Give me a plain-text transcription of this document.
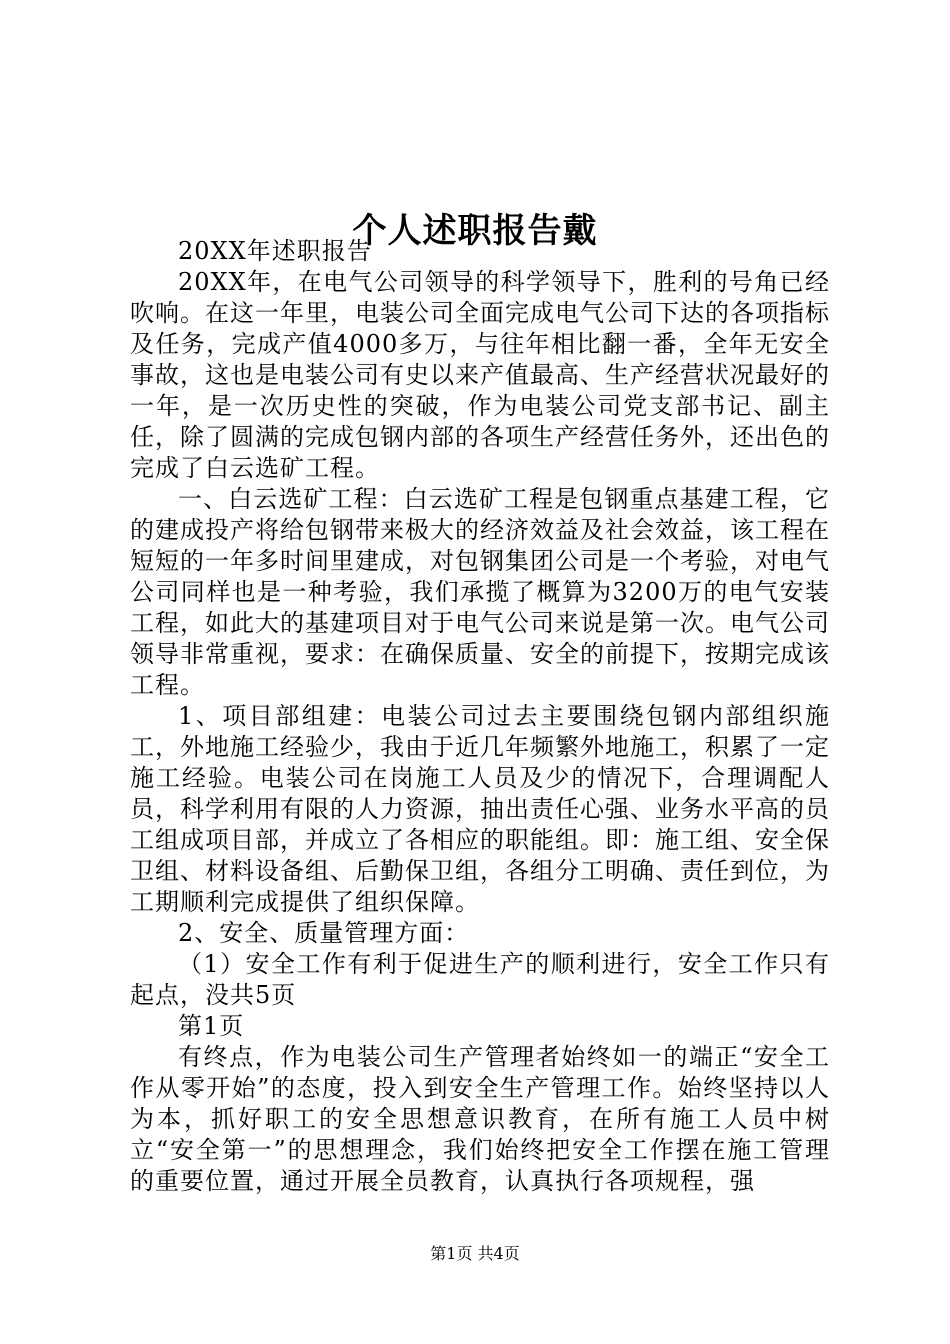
个人述职报告戴

20XX年述职报告

20XX年，在电气公司领导的科学领导下，胜利的号角已经吹响。在这一年里，电装公司全面完成电气公司下达的各项指标及任务，完成产值4000多万，与往年相比翻一番，全年无安全事故，这也是电装公司有史以来产值最高、生产经营状况最好的一年，是一次历史性的突破，作为电装公司党支部书记、副主任，除了圆满的完成包钢内部的各项生产经营任务外，还出色的完成了白云选矿工程。

一、白云选矿工程：白云选矿工程是包钢重点基建工程，它的建成投产将给包钢带来极大的经济效益及社会效益，该工程在短短的一年多时间里建成，对包钢集团公司是一个考验，对电气公司同样也是一种考验，我们承揽了概算为3200万的电气安装工程，如此大的基建项目对于电气公司来说是第一次。电气公司领导非常重视，要求：在确保质量、安全的前提下，按期完成该工程。

1、项目部组建：电装公司过去主要围绕包钢内部组织施工，外地施工经验少，我由于近几年频繁外地施工，积累了一定施工经验。电装公司在岗施工人员及少的情况下，合理调配人员，科学利用有限的人力资源，抽出责任心强、业务水平高的员工组成项目部，并成立了各相应的职能组。即：施工组、安全保卫组、材料设备组、后勤保卫组，各组分工明确、责任到位，为工期顺利完成提供了组织保障。

2、安全、质量管理方面：

（1）安全工作有利于促进生产的顺利进行，安全工作只有起点，没共5页

第1页

有终点，作为电装公司生产管理者始终如一的端正“安全工作从零开始”的态度，投入到安全生产管理工作。始终坚持以人为本，抓好职工的安全思想意识教育，在所有施工人员中树立“安全第一”的思想理念，我们始终把安全工作摆在施工管理的重要位置，通过开展全员教育，认真执行各项规程，强

第1页 共4页
